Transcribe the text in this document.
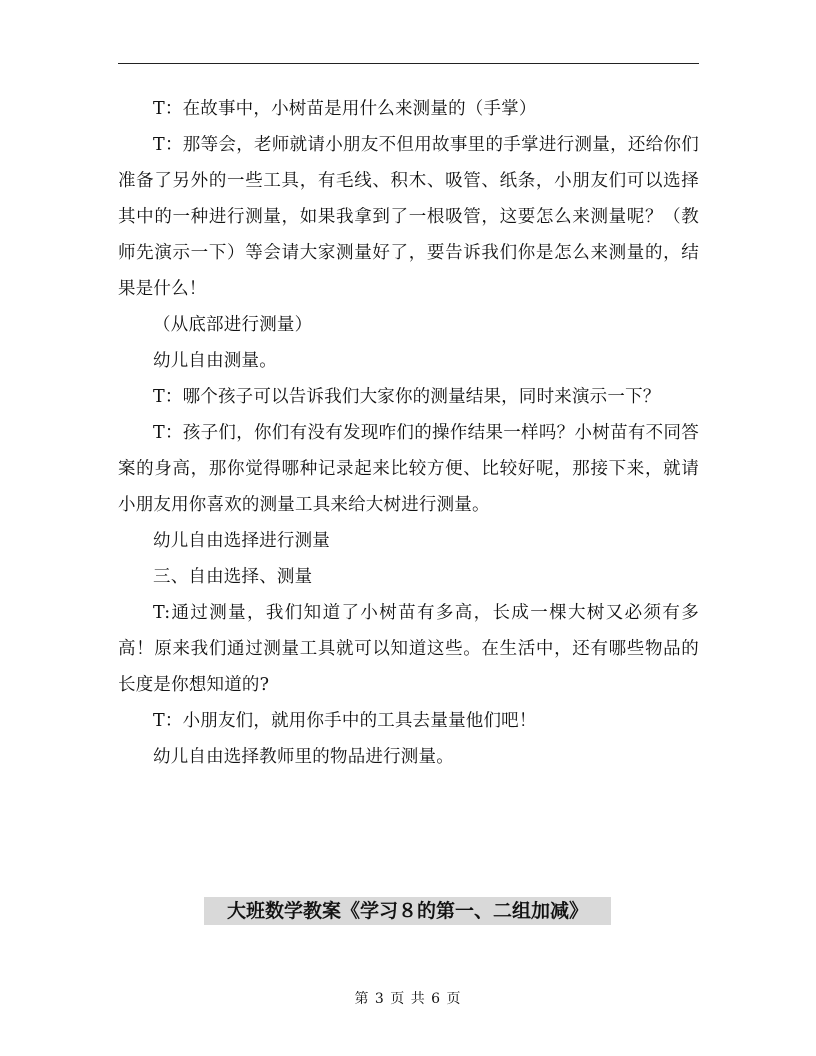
T：在故事中，小树苗是用什么来测量的（手掌）

T：那等会，老师就请小朋友不但用故事里的手掌进行测量，还给你们准备了另外的一些工具，有毛线、积木、吸管、纸条，小朋友们可以选择其中的一种进行测量，如果我拿到了一根吸管，这要怎么来测量呢？（教师先演示一下）等会请大家测量好了，要告诉我们你是怎么来测量的，结果是什么！

（从底部进行测量）

幼儿自由测量。

T：哪个孩子可以告诉我们大家你的测量结果，同时来演示一下？

T：孩子们，你们有没有发现咋们的操作结果一样吗？小树苗有不同答案的身高，那你觉得哪种记录起来比较方便、比较好呢，那接下来，就请小朋友用你喜欢的测量工具来给大树进行测量。

幼儿自由选择进行测量

三、自由选择、测量

T:通过测量，我们知道了小树苗有多高，长成一棵大树又必须有多高！原来我们通过测量工具就可以知道这些。在生活中，还有哪些物品的长度是你想知道的?

T：小朋友们，就用你手中的工具去量量他们吧！

幼儿自由选择教师里的物品进行测量。

大班数学教案《学习８的第一、二组加减》
第 3 页 共 6 页
